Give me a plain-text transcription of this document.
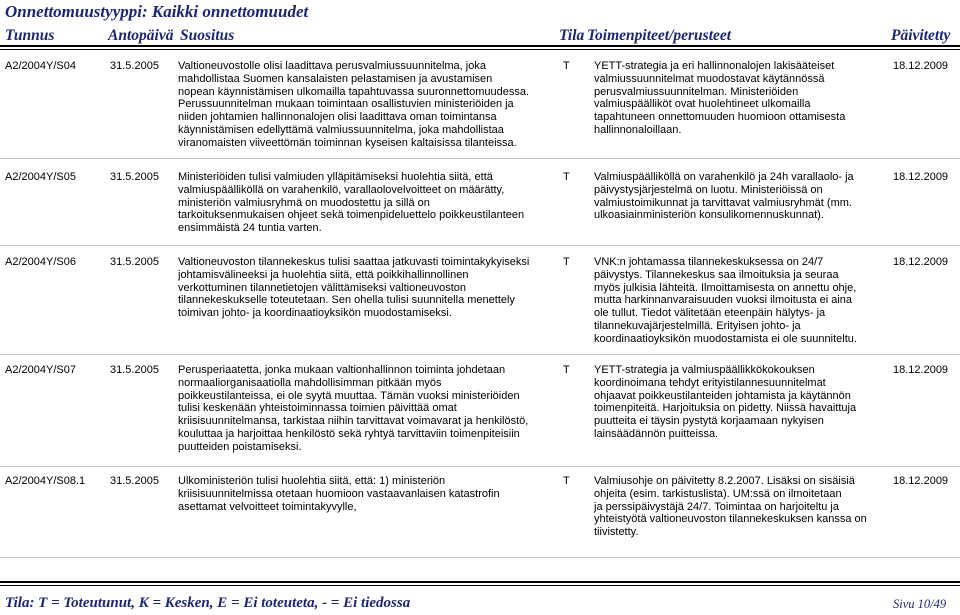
Onnettomuustyyppi: Kaikki onnettomuudet
Tunnus	Antopäivä Suositus	Tila Toimenpiteet/perusteet	Päivitetty
A2/2004Y/S04	31.5.2005 Valtioneuvostolle olisi laadittava perusvalmiussuunnitelma, joka
mahdollistaa Suomen kansalaisten pelastamisen ja avustamisen
nopean käynnistämisen ulkomailla tapahtuvassa suuronnettomuudessa.
Perussuunnitelman mukaan toimintaan osallistuvien ministeriöiden ja
niiden johtamien hallinnonalojen olisi laadittava oman toimintansa
käynnistämisen edellyttämä valmiussuunnitelma, joka mahdollistaa
viranomaisten viiveettömän toiminnan kyseisen kaltaisissa tilanteissa.
T YETT-strategia ja eri hallinnonalojen lakisääteiset
valmiussuunnitelmat muodostavat käytännössä
perusvalmiussuunnitelman. Ministeriöiden
valmiuspäälliköt ovat huolehtineet ulkomailla
tapahtuneen onnettomuuden huomioon ottamisesta
hallinnonaloillaan.
18.12.2009
A2/2004Y/S05	31.5.2005 Ministeriöiden tulisi valmiuden ylläpitämiseksi huolehtia siitä, että
valmiuspäälliköllä on varahenkilö, varallaolovelvoitteet on määrätty,
ministeriön valmiusryhmä on muodostettu ja sillä on
tarkoituksenmukaisen ohjeet sekä toimenpideluettelo poikkeustilanteen
ensimmäistä 24 tuntia varten.
T Valmiuspäälliköllä on varahenkilö ja 24h varallaolo- ja
päivystysjärjestelmä on luotu. Ministeriöissä on
valmiustoimikunnat ja tarvittavat valmiusryhmät (mm.
ulkoasiainministeriön konsulikomennuskunnat).
18.12.2009
A2/2004Y/S06	31.5.2005 Valtioneuvoston tilannekeskus tulisi saattaa jatkuvasti toimintakykyiseksi
johtamisvälineeksi ja huolehtia siitä, että poikkihallinnollinen
verkottuminen tilannetietojen välittämiseksi valtioneuvoston
tilannekeskukselle toteutetaan. Sen ohella tulisi suunnitella menettely
toimivan johto- ja koordinaatioyksikön muodostamiseksi.
T VNK:n johtamassa tilannekeskuksessa on 24/7
päivystys. Tilannekeskus saa ilmoituksia ja seuraa
myös julkisia lähteitä. Ilmoittamisesta on annettu ohje,
mutta harkinnanvaraisuuden vuoksi ilmoitusta ei aina
ole tullut. Tiedot välitetään eteenpäin hälytys- ja
tilannekuvajärjestelmillä. Erityisen johto- ja
koordinaatioyksikön muodostamista ei ole suunniteltu.
18.12.2009
A2/2004Y/S07	31.5.2005 Perusperiaatetta, jonka mukaan valtionhallinnon toiminta johdetaan
normaaliorganisaatiolla mahdollisimman pitkään myös
poikkeustilanteissa, ei ole syytä muuttaa. Tämän vuoksi ministeriöiden
tulisi keskenään yhteistoiminnassa toimien päivittää omat
kriisisuunnitelmansa, tarkistaa niihin tarvittavat voimavarat ja henkilöstö,
kouluttaa ja harjoittaa henkilöstö sekä ryhtyä tarvittaviin toimenpiteisiin
puutteiden poistamiseksi.
T YETT-strategia ja valmiuspäällikkökokouksen
koordinoimana tehdyt erityistilannesuunnitelmat
ohjaavat poikkeustilanteiden johtamista ja käytännön
toimenpiteitä. Harjoituksia on pidetty. Niissä havaittuja
puutteita ei täysin pystytä korjaamaan nykyisen
lainsäädännön puitteissa.
18.12.2009
A2/2004Y/S08.1 31.5.2005 Ulkoministeriön tulisi huolehtia siitä, että: 1) ministeriön
kriisisuunnitelmissa otetaan huomioon vastaavanlaisen katastrofin
asettamat velvoitteet toimintakyvylle,
T Valmiusohje on päivitetty 8.2.2007. Lisäksi on sisäisiä
ohjeita (esim. tarkistuslista). UM:ssä on ilmoitetaan
ja perssipäivystäjä 24/7. Toimintaa on harjoiteltu ja
yhteistyötä valtioneuvoston tilannekeskuksen kanssa on
tiivistetty.
18.12.2009
Tila: T = Toteutunut, K = Kesken, E = Ei toteuteta, - = Ei tiedossa	Sivu 10/49
